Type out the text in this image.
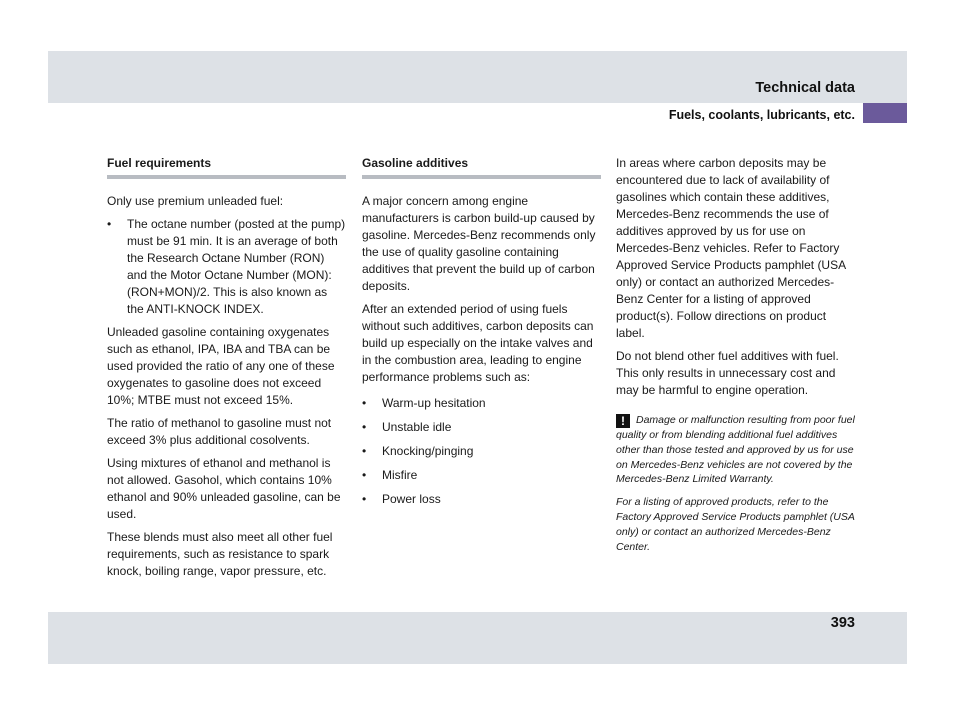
Technical data
Fuels, coolants, lubricants, etc.
Fuel requirements

Only use premium unleaded fuel:

• The octane number (posted at the pump) must be 91 min. It is an average of both the Research Octane Number (RON) and the Motor Octane Number (MON): (RON+MON)/2. This is also known as the ANTI-KNOCK INDEX.

Unleaded gasoline containing oxygenates such as ethanol, IPA, IBA and TBA can be used provided the ratio of any one of these oxygenates to gasoline does not exceed 10%; MTBE must not exceed 15%.

The ratio of methanol to gasoline must not exceed 3% plus additional cosolvents.

Using mixtures of ethanol and methanol is not allowed. Gasohol, which contains 10% ethanol and 90% unleaded gasoline, can be used.

These blends must also meet all other fuel requirements, such as resistance to spark knock, boiling range, vapor pressure, etc.

Gasoline additives

A major concern among engine manufacturers is carbon build-up caused by gasoline. Mercedes-Benz recommends only the use of quality gasoline containing additives that prevent the build up of carbon deposits.

After an extended period of using fuels without such additives, carbon deposits can build up especially on the intake valves and in the combustion area, leading to engine performance problems such as:

• Warm-up hesitation
• Unstable idle
• Knocking/pinging
• Misfire
• Power loss

In areas where carbon deposits may be encountered due to lack of availability of gasolines which contain these additives, Mercedes-Benz recommends the use of additives approved by us for use on Mercedes-Benz vehicles. Refer to Factory Approved Service Products pamphlet (USA only) or contact an authorized Mercedes-Benz Center for a listing of approved product(s). Follow directions on product label.

Do not blend other fuel additives with fuel. This only results in unnecessary cost and may be harmful to engine operation.

! Damage or malfunction resulting from poor fuel quality or from blending additional fuel additives other than those tested and approved by us for use on Mercedes-Benz vehicles are not covered by the Mercedes-Benz Limited Warranty.
For a listing of approved products, refer to the Factory Approved Service Products pamphlet (USA only) or contact an authorized Mercedes-Benz Center.
393
